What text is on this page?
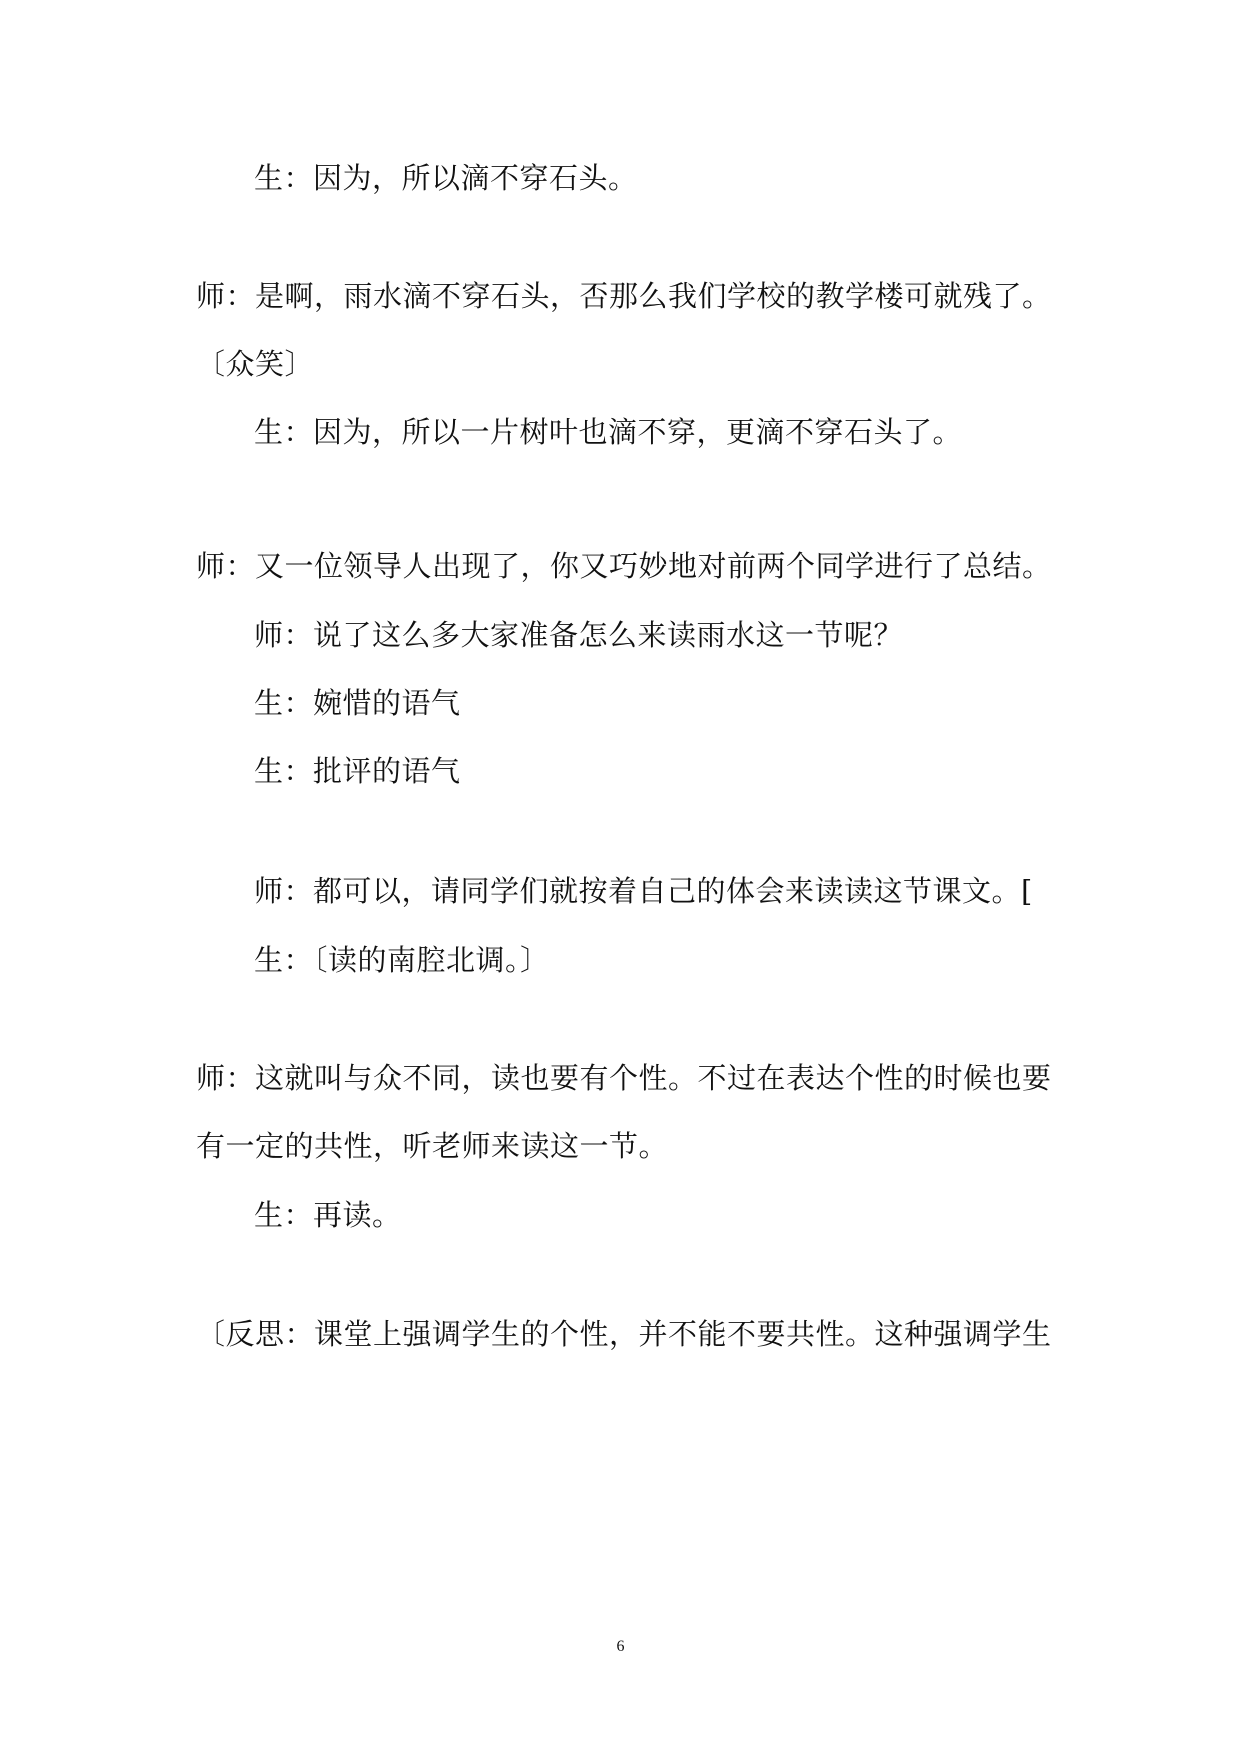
生：因为，所以滴不穿石头。
师：是啊，雨水滴不穿石头，否那么我们学校的教学楼可就残了。
〔众笑〕
生：因为，所以一片树叶也滴不穿，更滴不穿石头了。
师：又一位领导人出现了，你又巧妙地对前两个同学进行了总结。
师：说了这么多大家准备怎么来读雨水这一节呢？
生：婉惜的语气
生：批评的语气
师：都可以，请同学们就按着自己的体会来读读这节课文。[
生：〔读的南腔北调。〕
师：这就叫与众不同，读也要有个性。不过在表达个性的时候也要
有一定的共性，听老师来读这一节。
生：再读。
〔反思：课堂上强调学生的个性，并不能不要共性。这种强调学生
6
